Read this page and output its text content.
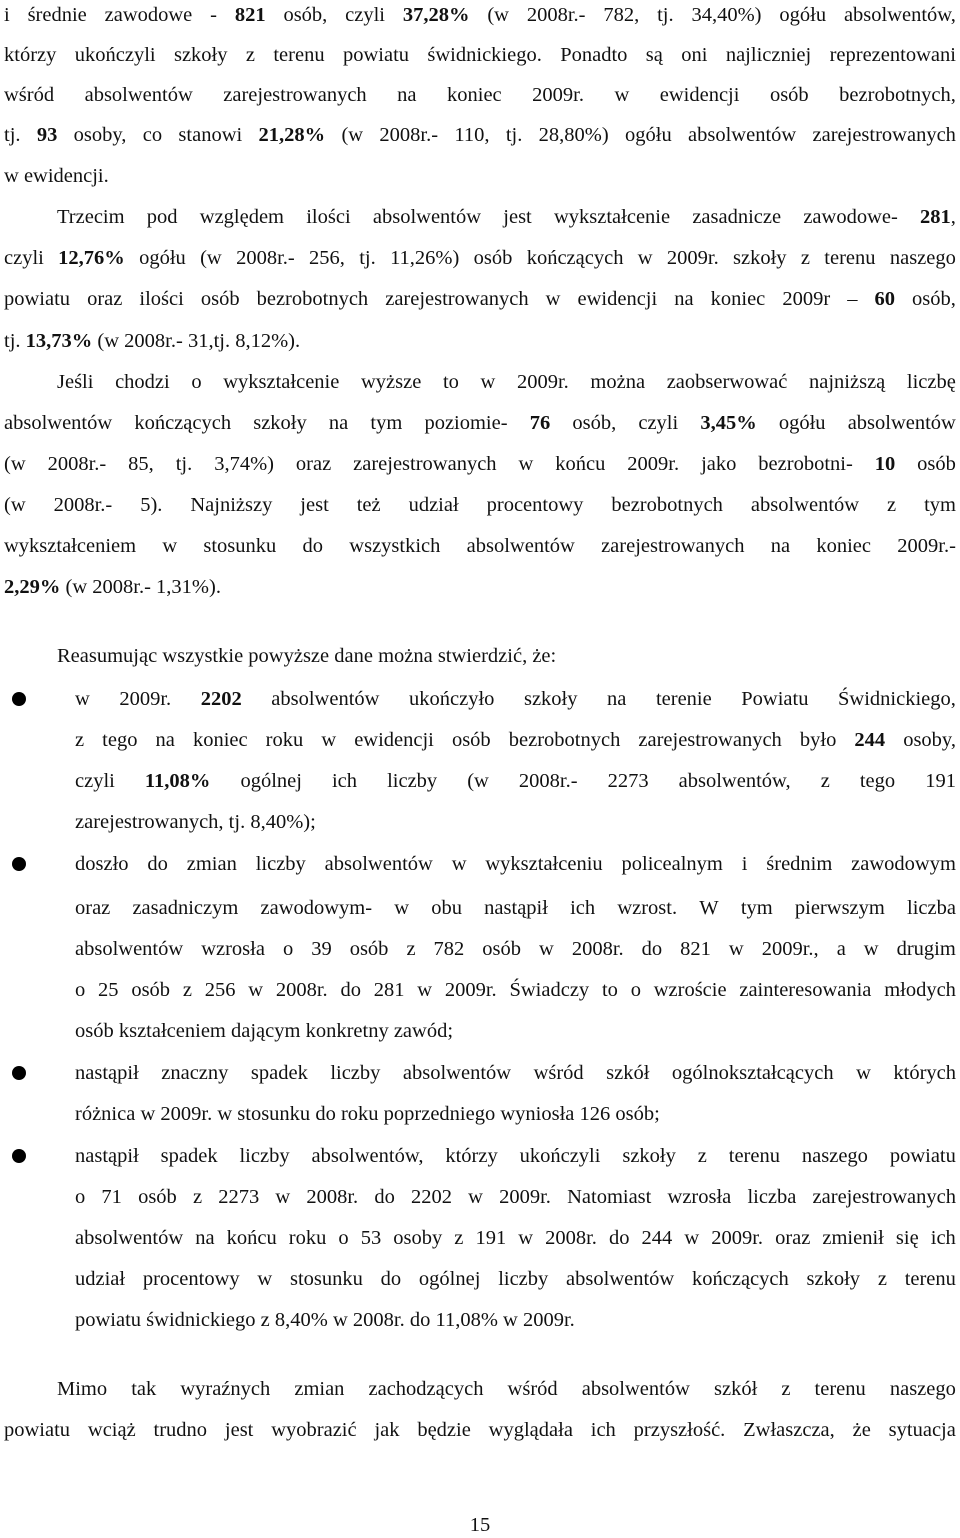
i średnie zawodowe - 821 osób, czyli 37,28% (w 2008r.- 782, tj. 34,40%) ogółu absolwentów,
którzy ukończyli szkoły z terenu powiatu świdnickiego. Ponadto są oni najliczniej reprezentowani
wśród absolwentów zarejestrowanych na koniec 2009r. w ewidencji osób bezrobotnych,
tj. 93 osoby, co stanowi 21,28% (w 2008r.- 110, tj. 28,80%) ogółu absolwentów zarejestrowanych
w ewidencji.
Trzecim pod względem ilości absolwentów jest wykształcenie zasadnicze zawodowe- 281,
czyli 12,76% ogółu (w 2008r.- 256, tj. 11,26%) osób kończących w 2009r. szkoły z terenu naszego
powiatu oraz ilości osób bezrobotnych zarejestrowanych w ewidencji na koniec 2009r – 60 osób,
tj. 13,73% (w 2008r.- 31,tj. 8,12%).
Jeśli chodzi o wykształcenie wyższe to w 2009r. można zaobserwować najniższą liczbę
absolwentów kończących szkoły na tym poziomie- 76 osób, czyli 3,45% ogółu absolwentów
(w 2008r.- 85, tj. 3,74%) oraz zarejestrowanych w końcu 2009r. jako bezrobotni- 10 osób
(w 2008r.- 5). Najniższy jest też udział procentowy bezrobotnych absolwentów z tym
wykształceniem w stosunku do wszystkich absolwentów zarejestrowanych na koniec 2009r.-
2,29% (w 2008r.- 1,31%).
Reasumując wszystkie powyższe dane można stwierdzić, że:
w 2009r. 2202 absolwentów ukończyło szkoły na terenie Powiatu Świdnickiego,
z tego na koniec roku w ewidencji osób bezrobotnych zarejestrowanych było 244 osoby,
czyli 11,08% ogólnej ich liczby (w 2008r.- 2273 absolwentów, z tego 191
zarejestrowanych, tj. 8,40%);
doszło do zmian liczby absolwentów w wykształceniu policealnym i średnim zawodowym
oraz zasadniczym zawodowym- w obu nastąpił ich wzrost. W tym pierwszym liczba
absolwentów wzrosła o 39 osób z 782 osób w 2008r. do 821 w 2009r., a w drugim
o 25 osób z 256 w 2008r. do 281 w 2009r. Świadczy to o wzroście zainteresowania młodych
osób kształceniem dającym konkretny zawód;
nastąpił znaczny spadek liczby absolwentów wśród szkół ogólnokształcących w których
różnica w 2009r. w stosunku do roku poprzedniego wyniosła 126 osób;
nastąpił spadek liczby absolwentów, którzy ukończyli szkoły z terenu naszego powiatu
o 71 osób z 2273 w 2008r. do 2202 w 2009r. Natomiast wzrosła liczba zarejestrowanych
absolwentów na końcu roku o 53 osoby z 191 w 2008r. do 244 w 2009r. oraz zmienił się ich
udział procentowy w stosunku do ogólnej liczby absolwentów kończących szkoły z terenu
powiatu świdnickiego z 8,40% w 2008r. do 11,08% w 2009r.
Mimo tak wyraźnych zmian zachodzących wśród absolwentów szkół z terenu naszego
powiatu wciąż trudno jest wyobrazić jak będzie wyglądała ich przyszłość. Zwłaszcza, że sytuacja
15
